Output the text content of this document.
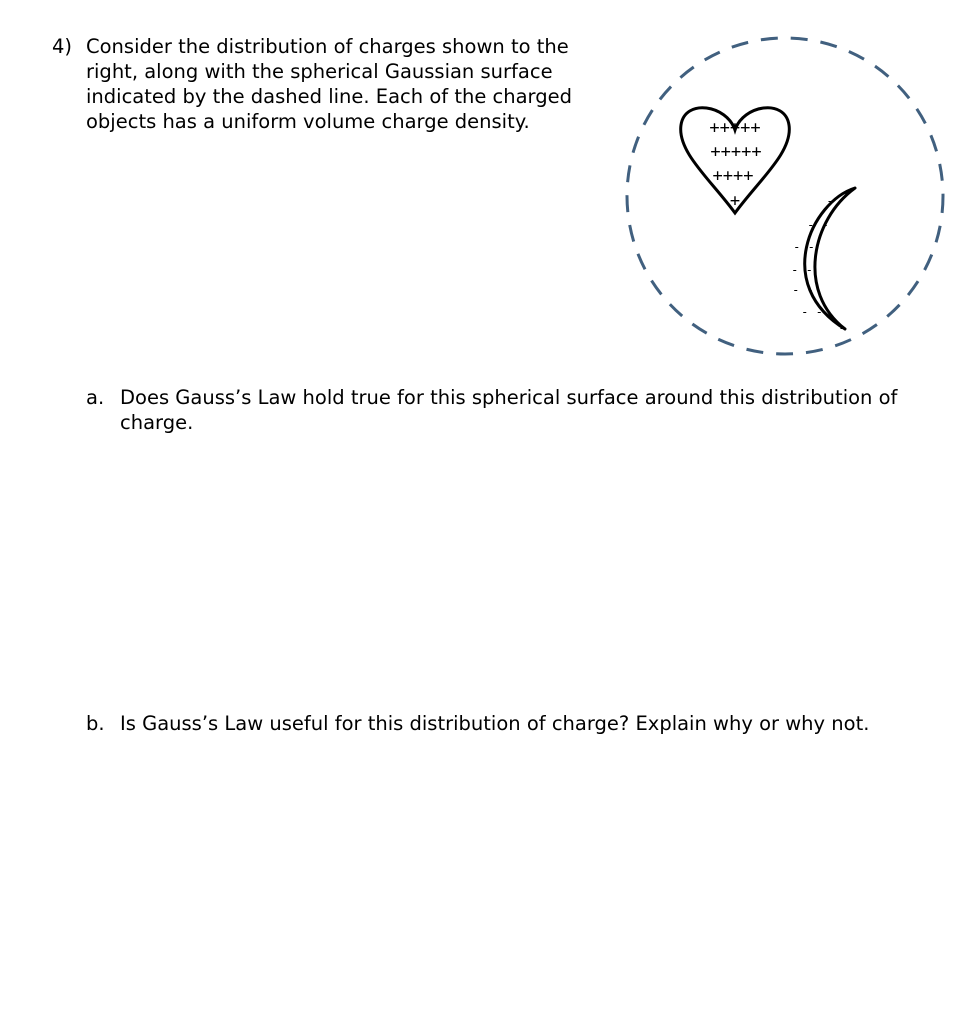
4) Consider the distribution of charges shown to the right, along with the spherical Gaussian surface indicated by the dashed line. Each of the charged objects has a uniform volume charge density.	+++++
+++++
++++
+	-
- -
- -
- -
- -
- -
-
a. Does Gauss’s Law hold true for this spherical surface around this distribution of charge.
b. Is Gauss’s Law useful for this distribution of charge? Explain why or why not.
